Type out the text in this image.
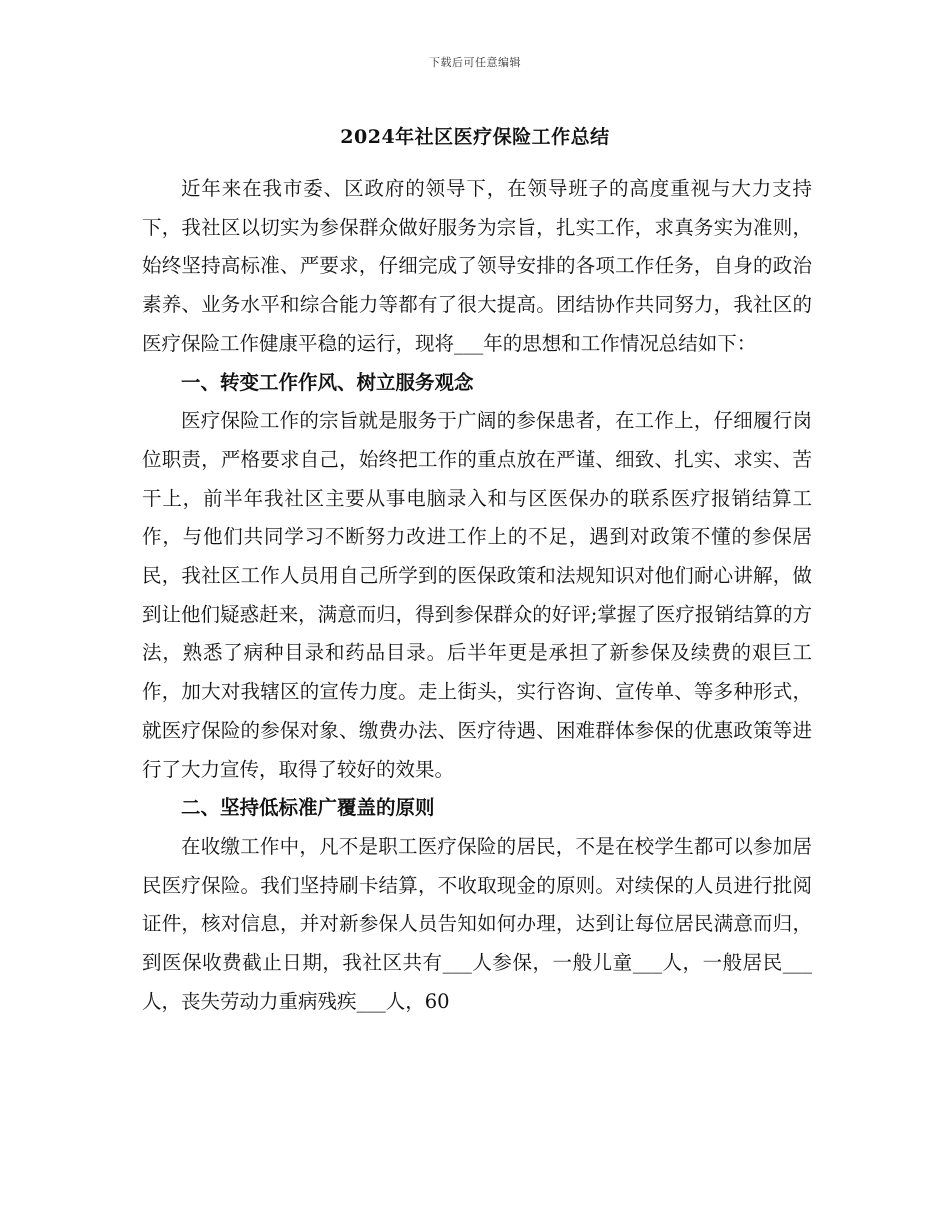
下载后可任意编辑
2024年社区医疗保险工作总结

近年来在我市委、区政府的领导下，在领导班子的高度重视与大力支持下，我社区以切实为参保群众做好服务为宗旨，扎实工作，求真务实为准则，始终坚持高标准、严要求，仔细完成了领导安排的各项工作任务，自身的政治素养、业务水平和综合能力等都有了很大提高。团结协作共同努力，我社区的医疗保险工作健康平稳的运行，现将___年的思想和工作情况总结如下：

一、转变工作作风、树立服务观念

医疗保险工作的宗旨就是服务于广阔的参保患者，在工作上，仔细履行岗位职责，严格要求自己，始终把工作的重点放在严谨、细致、扎实、求实、苦干上，前半年我社区主要从事电脑录入和与区医保办的联系医疗报销结算工作，与他们共同学习不断努力改进工作上的不足，遇到对政策不懂的参保居民，我社区工作人员用自己所学到的医保政策和法规知识对他们耐心讲解，做到让他们疑惑赶来，满意而归，得到参保群众的好评;掌握了医疗报销结算的方法，熟悉了病种目录和药品目录。后半年更是承担了新参保及续费的艰巨工作，加大对我辖区的宣传力度。走上街头，实行咨询、宣传单、等多种形式，就医疗保险的参保对象、缴费办法、医疗待遇、困难群体参保的优惠政策等进行了大力宣传，取得了较好的效果。

二、坚持低标准广覆盖的原则

在收缴工作中，凡不是职工医疗保险的居民，不是在校学生都可以参加居民医疗保险。我们坚持刷卡结算，不收取现金的原则。对续保的人员进行批阅证件，核对信息，并对新参保人员告知如何办理，达到让每位居民满意而归，到医保收费截止日期，我社区共有___人参保，一般儿童___人，一般居民___人，丧失劳动力重病残疾___人，60
